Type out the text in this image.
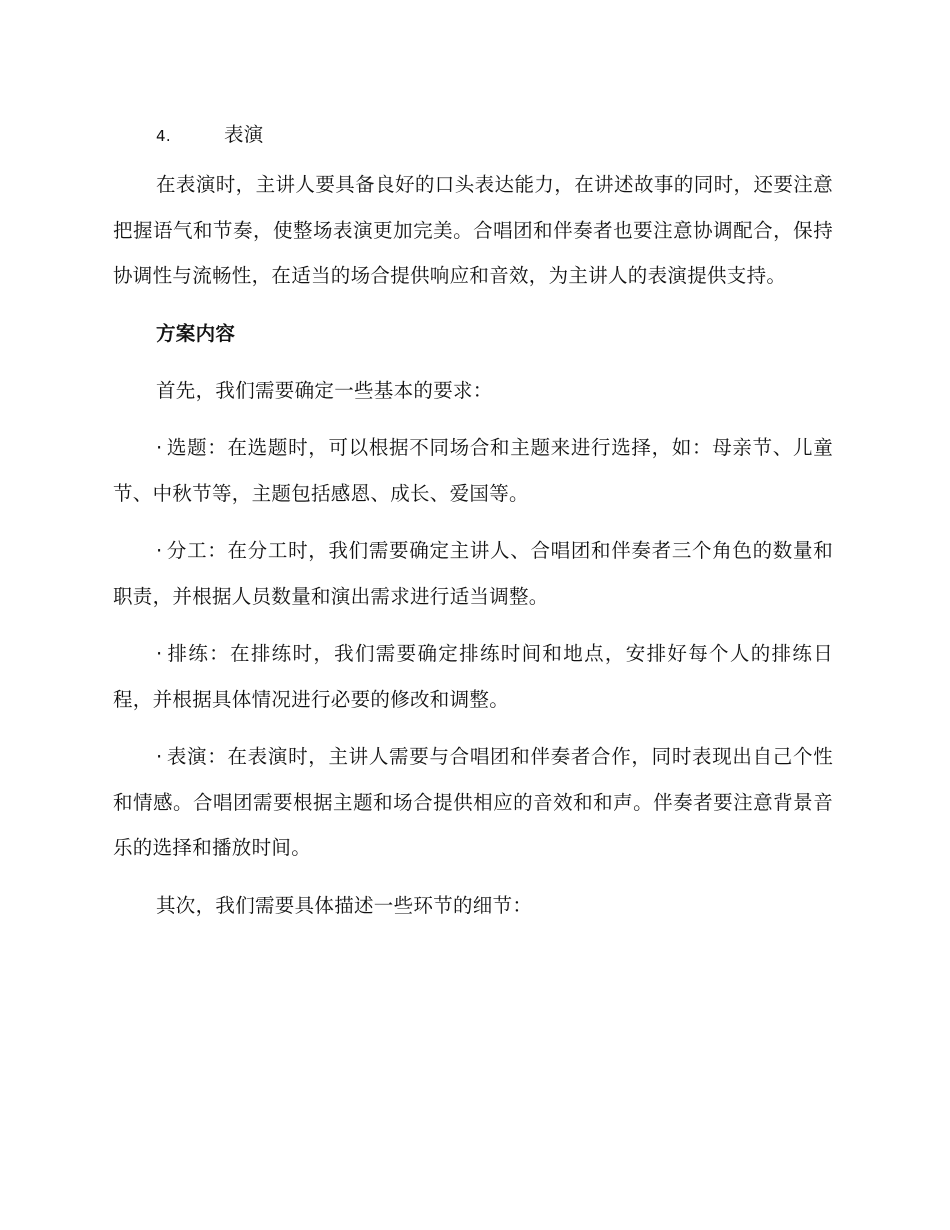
4.	表演

在表演时，主讲人要具备良好的口头表达能力，在讲述故事的同时，还要注意把握语气和节奏，使整场表演更加完美。合唱团和伴奏者也要注意协调配合，保持协调性与流畅性，在适当的场合提供响应和音效，为主讲人的表演提供支持。

方案内容

首先，我们需要确定一些基本的要求：

· 选题：在选题时，可以根据不同场合和主题来进行选择，如：母亲节、儿童节、中秋节等，主题包括感恩、成长、爱国等。

· 分工：在分工时，我们需要确定主讲人、合唱团和伴奏者三个角色的数量和职责，并根据人员数量和演出需求进行适当调整。

· 排练：在排练时，我们需要确定排练时间和地点，安排好每个人的排练日程，并根据具体情况进行必要的修改和调整。

· 表演：在表演时，主讲人需要与合唱团和伴奏者合作，同时表现出自己个性和情感。合唱团需要根据主题和场合提供相应的音效和和声。伴奏者要注意背景音乐的选择和播放时间。

其次，我们需要具体描述一些环节的细节：
